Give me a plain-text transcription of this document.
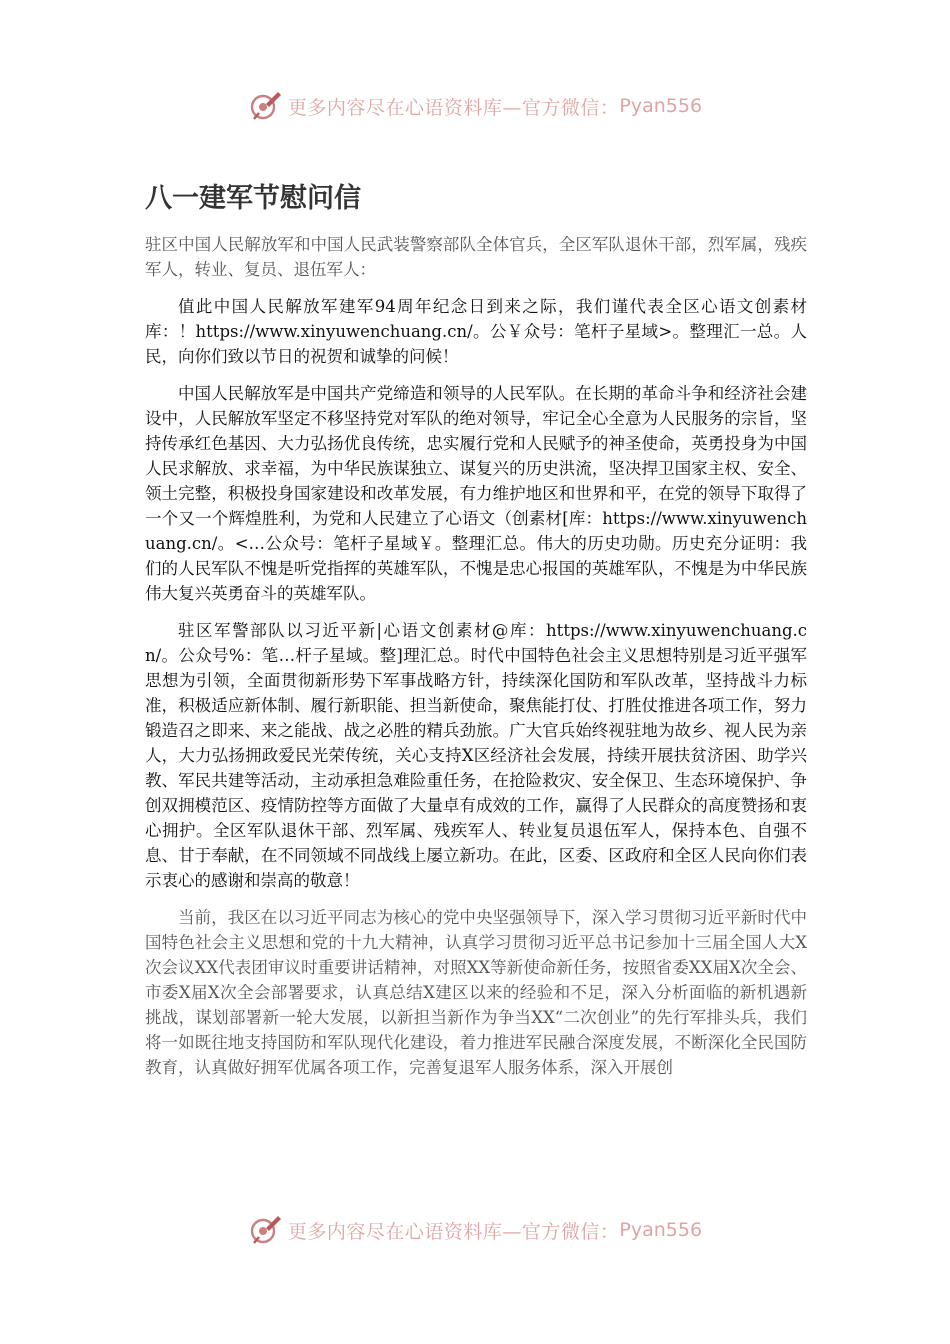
更多内容尽在心语资料库—官方微信： Pyan556
八一建军节慰问信

驻区中国人民解放军和中国人民武装警察部队全体官兵，全区军队退休干部，烈军属，残疾军人，转业、复员、退伍军人：

值此中国人民解放军建军94周年纪念日到来之际，我们谨代表全区心语文创素材库：！https://www.xinyuwenchuang.cn/。公￥众号：笔杆子星域>。整理汇一总。人民，向你们致以节日的祝贺和诚挚的问候！

中国人民解放军是中国共产党缔造和领导的人民军队。在长期的革命斗争和经济社会建设中，人民解放军坚定不移坚持党对军队的绝对领导，牢记全心全意为人民服务的宗旨，坚持传承红色基因、大力弘扬优良传统，忠实履行党和人民赋予的神圣使命，英勇投身为中国人民求解放、求幸福，为中华民族谋独立、谋复兴的历史洪流，坚决捍卫国家主权、安全、领土完整，积极投身国家建设和改革发展，有力维护地区和世界和平，在党的领导下取得了一个又一个辉煌胜利，为党和人民建立了心语文（创素材[库：https://www.xinyuwenchuang.cn/。<…公众号：笔杆子星域￥。整理汇总。伟大的历史功勋。历史充分证明：我们的人民军队不愧是听党指挥的英雄军队，不愧是忠心报国的英雄军队，不愧是为中华民族伟大复兴英勇奋斗的英雄军队。

驻区军警部队以习近平新|心语文创素材@库：https://www.xinyuwenchuang.cn/。公众号%：笔…杆子星域。整]理汇总。时代中国特色社会主义思想特别是习近平强军思想为引领，全面贯彻新形势下军事战略方针，持续深化国防和军队改革，坚持战斗力标准，积极适应新体制、履行新职能、担当新使命，聚焦能打仗、打胜仗推进各项工作，努力锻造召之即来、来之能战、战之必胜的精兵劲旅。广大官兵始终视驻地为故乡、视人民为亲人，大力弘扬拥政爱民光荣传统，关心支持X区经济社会发展，持续开展扶贫济困、助学兴教、军民共建等活动，主动承担急难险重任务，在抢险救灾、安全保卫、生态环境保护、争创双拥模范区、疫情防控等方面做了大量卓有成效的工作，赢得了人民群众的高度赞扬和衷心拥护。全区军队退休干部、烈军属、残疾军人、转业复员退伍军人，保持本色、自强不息、甘于奉献，在不同领域不同战线上屡立新功。在此，区委、区政府和全区人民向你们表示衷心的感谢和崇高的敬意！

当前，我区在以习近平同志为核心的党中央坚强领导下，深入学习贯彻习近平新时代中国特色社会主义思想和党的十九大精神，认真学习贯彻习近平总书记参加十三届全国人大X次会议XX代表团审议时重要讲话精神，对照XX等新使命新任务，按照省委XX届X次全会、市委X届X次全会部署要求，认真总结X建区以来的经验和不足，深入分析面临的新机遇新挑战，谋划部署新一轮大发展，以新担当新作为争当XX“二次创业”的先行军排头兵，我们将一如既往地支持国防和军队现代化建设，着力推进军民融合深度发展，不断深化全民国防教育，认真做好拥军优属各项工作，完善复退军人服务体系，深入开展创

更多内容尽在心语资料库—官方微信： Pyan556
